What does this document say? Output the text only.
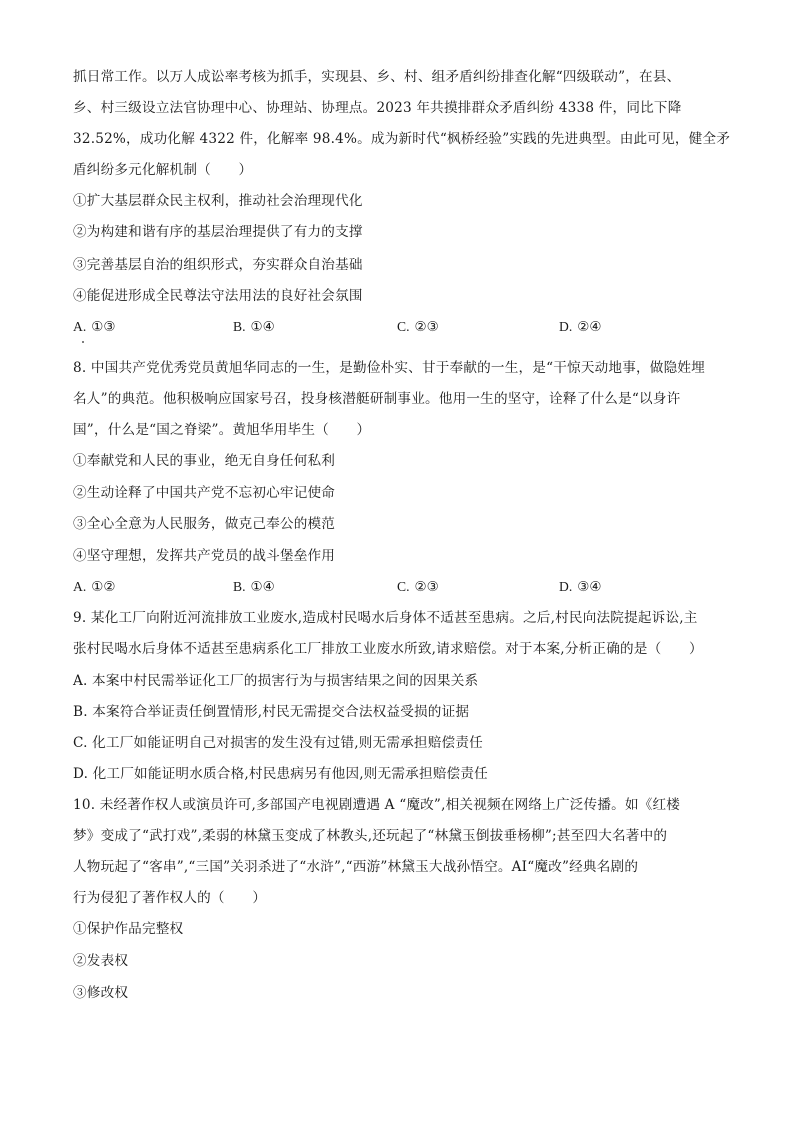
抓日常工作。以万人成讼率考核为抓手，实现县、乡、村、组矛盾纠纷排查化解“四级联动”，在县、
乡、村三级设立法官协理中心、协理站、协理点。2023 年共摸排群众矛盾纠纷 4338 件，同比下降
32.52%，成功化解 4322 件，化解率 98.4%。成为新时代“枫桥经验”实践的先进典型。由此可见，健全矛
盾纠纷多元化解机制（　　）
①扩大基层群众民主权利，推动社会治理现代化
②为构建和谐有序的基层治理提供了有力的支撑
③完善基层自治的组织形式，夯实群众自治基础
④能促进形成全民尊法守法用法的良好社会氛围
A. ①③	B. ①④	C. ②③	D. ②④
8. 中国共产党优秀党员黄旭华同志的一生，是勤俭朴实、甘于奉献的一生，是“干惊天动地事，做隐姓埋
名人”的典范。他积极响应国家号召，投身核潜艇研制事业。他用一生的坚守，诠释了什么是“以身许
国”，什么是“国之脊梁”。黄旭华用毕生（　　）
①奉献党和人民的事业，绝无自身任何私利
②生动诠释了中国共产党不忘初心牢记使命
③全心全意为人民服务，做克己奉公的模范
④坚守理想，发挥共产党员的战斗堡垒作用
A. ①②	B. ①④	C. ②③	D. ③④
9. 某化工厂向附近河流排放工业废水,造成村民喝水后身体不适甚至患病。之后,村民向法院提起诉讼,主
张村民喝水后身体不适甚至患病系化工厂排放工业废水所致,请求赔偿。对于本案,分析正确的是（　　）
A. 本案中村民需举证化工厂的损害行为与损害结果之间的因果关系
B. 本案符合举证责任倒置情形,村民无需提交合法权益受损的证据
C. 化工厂如能证明自己对损害的发生没有过错,则无需承担赔偿责任
D. 化工厂如能证明水质合格,村民患病另有他因,则无需承担赔偿责任
10. 未经著作权人或演员许可,多部国产电视剧遭遇 A “魔改”,相关视频在网络上广泛传播。如《红楼
梦》变成了“武打戏”,柔弱的林黛玉变成了林教头,还玩起了“林黛玉倒拔垂杨柳”;甚至四大名著中的
人物玩起了“客串”,“三国”关羽杀进了“水浒”,“西游”林黛玉大战孙悟空。AI“魔改”经典名剧的
行为侵犯了著作权人的（　　）
①保护作品完整权
②发表权
③修改权
